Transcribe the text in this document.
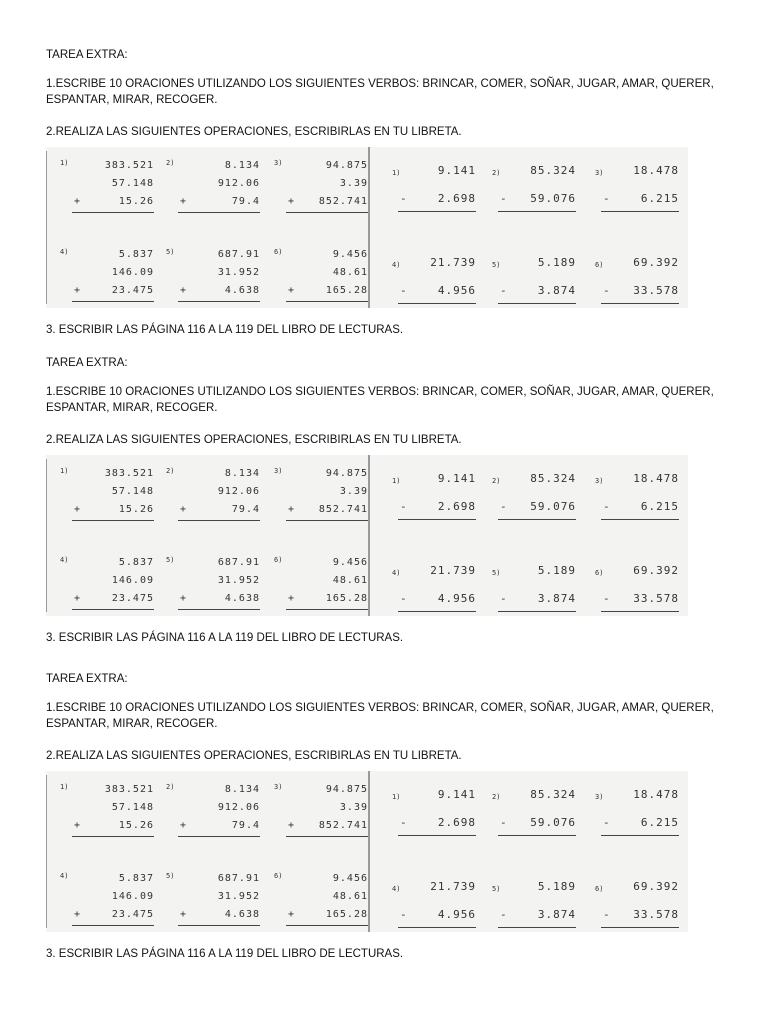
TAREA EXTRA:

1.ESCRIBE 10 ORACIONES UTILIZANDO LOS SIGUIENTES VERBOS: BRINCAR, COMER, SOÑAR, JUGAR, AMAR, QUERER, ESPANTAR, MIRAR, RECOGER.

2.REALIZA LAS SIGUIENTES OPERACIONES, ESCRIBIRLAS EN TU LIBRETA.

1)	383.521
57.148
15.26
+
2)	8.134
912.06
79.4
+
3)	94.875
3.39
852.741
+
4)	5.837
146.09
23.475
+
5)	687.91
31.952
4.638
+
6)	9.456
48.61
165.28
+
1)	9.141
2.698
-
2)	85.324
59.076
-
3)	18.478
6.215
-
4)	21.739
4.956
-
5)	5.189
3.874
-
6)	69.392
33.578
-

3. ESCRIBIR LAS PÁGINA 116 A LA 119 DEL LIBRO DE LECTURAS.

TAREA EXTRA:

1.ESCRIBE 10 ORACIONES UTILIZANDO LOS SIGUIENTES VERBOS: BRINCAR, COMER, SOÑAR, JUGAR, AMAR, QUERER, ESPANTAR, MIRAR, RECOGER.

2.REALIZA LAS SIGUIENTES OPERACIONES, ESCRIBIRLAS EN TU LIBRETA.

1)	383.521
57.148
15.26
+
2)	8.134
912.06
79.4
+
3)	94.875
3.39
852.741
+
4)	5.837
146.09
23.475
+
5)	687.91
31.952
4.638
+
6)	9.456
48.61
165.28
+
1)	9.141
2.698
-
2)	85.324
59.076
-
3)	18.478
6.215
-
4)	21.739
4.956
-
5)	5.189
3.874
-
6)	69.392
33.578
-

3. ESCRIBIR LAS PÁGINA 116 A LA 119 DEL LIBRO DE LECTURAS.

TAREA EXTRA:

1.ESCRIBE 10 ORACIONES UTILIZANDO LOS SIGUIENTES VERBOS: BRINCAR, COMER, SOÑAR, JUGAR, AMAR, QUERER, ESPANTAR, MIRAR, RECOGER.

2.REALIZA LAS SIGUIENTES OPERACIONES, ESCRIBIRLAS EN TU LIBRETA.

1)	383.521
57.148
15.26
+
2)	8.134
912.06
79.4
+
3)	94.875
3.39
852.741
+
4)	5.837
146.09
23.475
+
5)	687.91
31.952
4.638
+
6)	9.456
48.61
165.28
+
1)	9.141
2.698
-
2)	85.324
59.076
-
3)	18.478
6.215
-
4)	21.739
4.956
-
5)	5.189
3.874
-
6)	69.392
33.578
-

3. ESCRIBIR LAS PÁGINA 116 A LA 119 DEL LIBRO DE LECTURAS.
